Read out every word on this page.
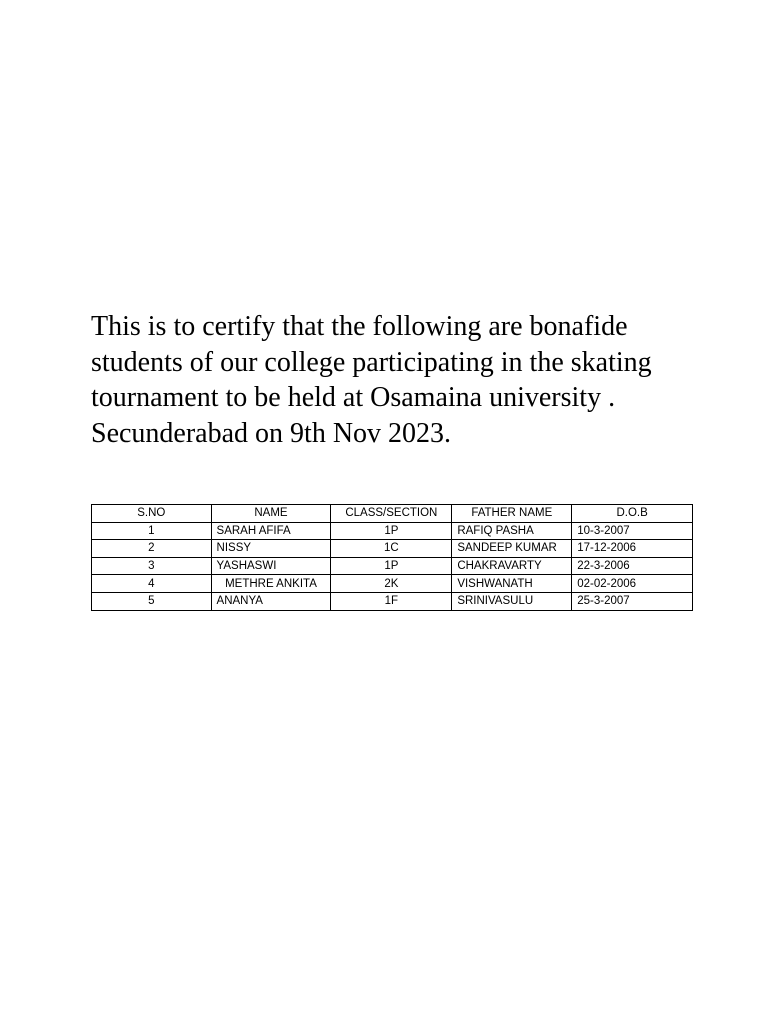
This is to certify that the following are bonafide students of our college participating in the skating tournament to be held at Osamaina university .

Secunderabad on 9th Nov 2023.

S.NO	NAME	CLASS/SECTION	FATHER NAME	D.O.B
1	SARAH AFIFA	1P	RAFIQ PASHA	10-3-2007
2	NISSY	1C	SANDEEP KUMAR	17-12-2006
3	YASHASWI	1P	CHAKRAVARTY	22-3-2006
4	METHRE ANKITA	2K	VISHWANATH	02-02-2006
5	ANANYA	1F	SRINIVASULU	25-3-2007
